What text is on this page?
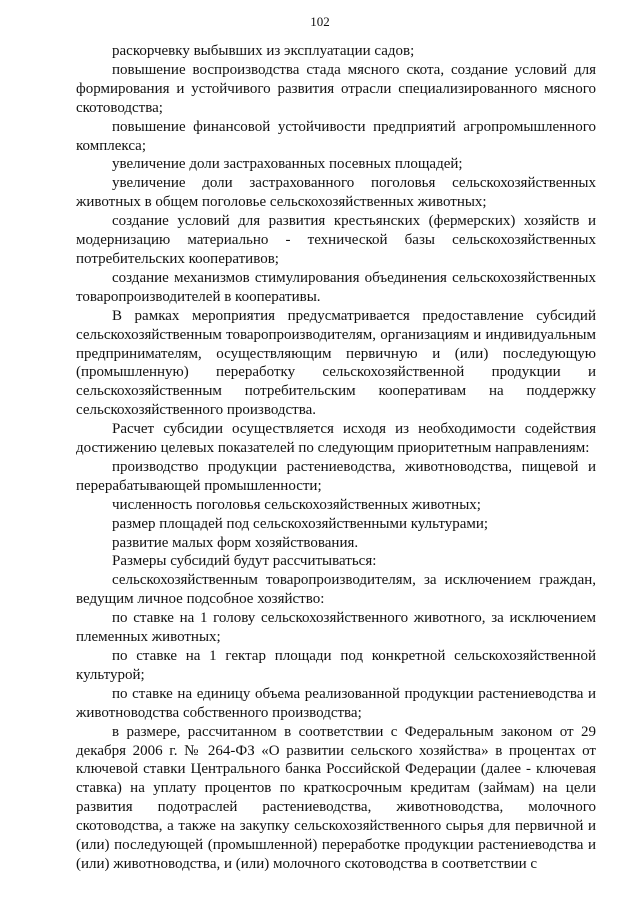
102

раскорчевку выбывших из эксплуатации садов;

повышение воспроизводства стада мясного скота, создание условий для формирования и устойчивого развития отрасли специализированного мясного скотоводства;

повышение финансовой устойчивости предприятий агропромышленного комплекса;

увеличение доли застрахованных посевных площадей;

увеличение доли застрахованного поголовья сельскохозяйственных животных в общем поголовье сельскохозяйственных животных;

создание условий для развития крестьянских (фермерских) хозяйств и модернизацию материально - технической базы сельскохозяйственных потребительских кооперативов;

создание механизмов стимулирования объединения сельскохозяйственных товаропроизводителей в кооперативы.

В рамках мероприятия предусматривается предоставление субсидий сельскохозяйственным товаропроизводителям, организациям и индивидуальным предпринимателям, осуществляющим первичную и (или) последующую (промышленную) переработку сельскохозяйственной продукции и сельскохозяйственным потребительским кооперативам на поддержку сельскохозяйственного производства.

Расчет субсидии осуществляется исходя из необходимости содействия достижению целевых показателей по следующим приоритетным направлениям:

производство продукции растениеводства, животноводства, пищевой и перерабатывающей промышленности;

численность поголовья сельскохозяйственных животных;

размер площадей под сельскохозяйственными культурами;

развитие малых форм хозяйствования.

Размеры субсидий будут рассчитываться:

сельскохозяйственным товаропроизводителям, за исключением граждан, ведущим личное подсобное хозяйство:

по ставке на 1 голову сельскохозяйственного животного, за исключением племенных животных;

по ставке на 1 гектар площади под конкретной сельскохозяйственной культурой;

по ставке на единицу объема реализованной продукции растениеводства и животноводства собственного производства;

в размере, рассчитанном в соответствии с Федеральным законом от 29 декабря 2006 г. № 264-ФЗ «О развитии сельского хозяйства» в процентах от ключевой ставки Центрального банка Российской Федерации (далее - ключевая ставка) на уплату процентов по краткосрочным кредитам (займам) на цели развития подотраслей растениеводства, животноводства, молочного скотоводства, а также на закупку сельскохозяйственного сырья для первичной и (или) последующей (промышленной) переработке продукции растениеводства и (или) животноводства, и (или) молочного скотоводства в соответствии с
